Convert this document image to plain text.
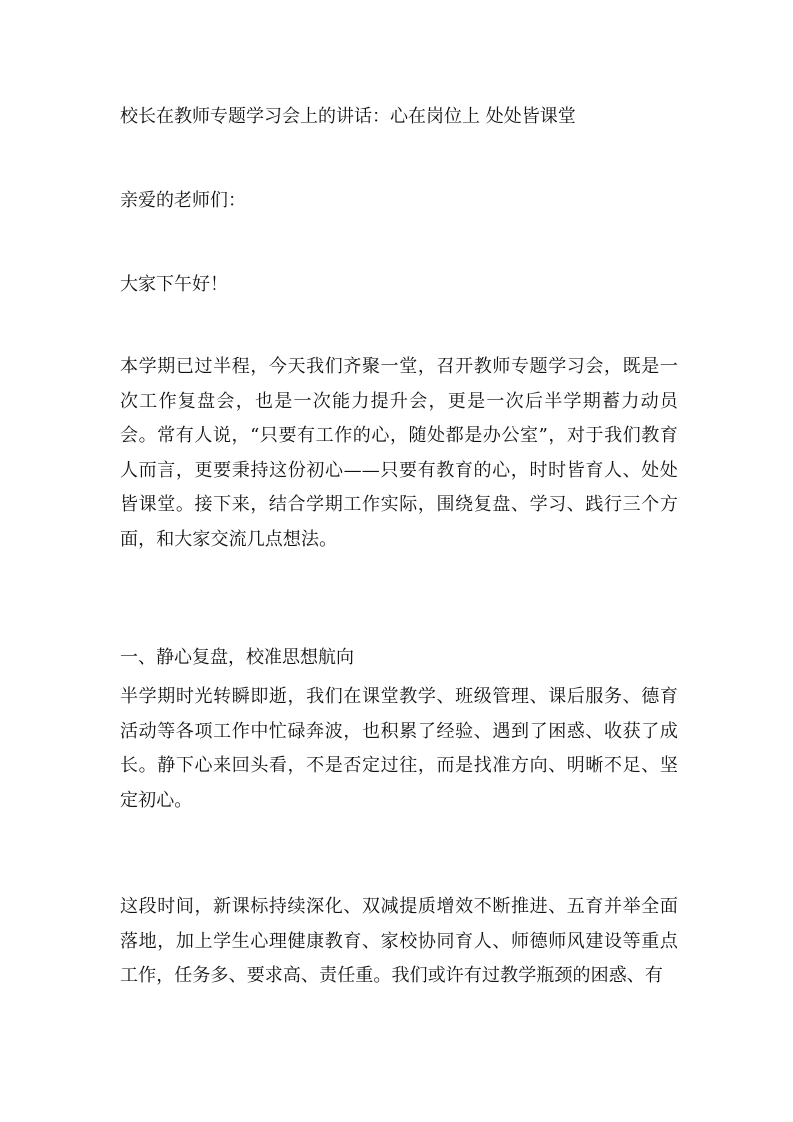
校长在教师专题学习会上的讲话：心在岗位上 处处皆课堂
亲爱的老师们：
大家下午好！
本学期已过半程，今天我们齐聚一堂，召开教师专题学习会，既是一次工作复盘会，也是一次能力提升会，更是一次后半学期蓄力动员会。常有人说，“只要有工作的心，随处都是办公室”，对于我们教育人而言，更要秉持这份初心——只要有教育的心，时时皆育人、处处皆课堂。接下来，结合学期工作实际，围绕复盘、学习、践行三个方面，和大家交流几点想法。
一、静心复盘，校准思想航向
半学期时光转瞬即逝，我们在课堂教学、班级管理、课后服务、德育活动等各项工作中忙碌奔波，也积累了经验、遇到了困惑、收获了成长。静下心来回头看，不是否定过往，而是找准方向、明晰不足、坚定初心。
这段时间，新课标持续深化、双减提质增效不断推进、五育并举全面落地，加上学生心理健康教育、家校协同育人、师德师风建设等重点工作，任务多、要求高、责任重。我们或许有过教学瓶颈的困惑、有
